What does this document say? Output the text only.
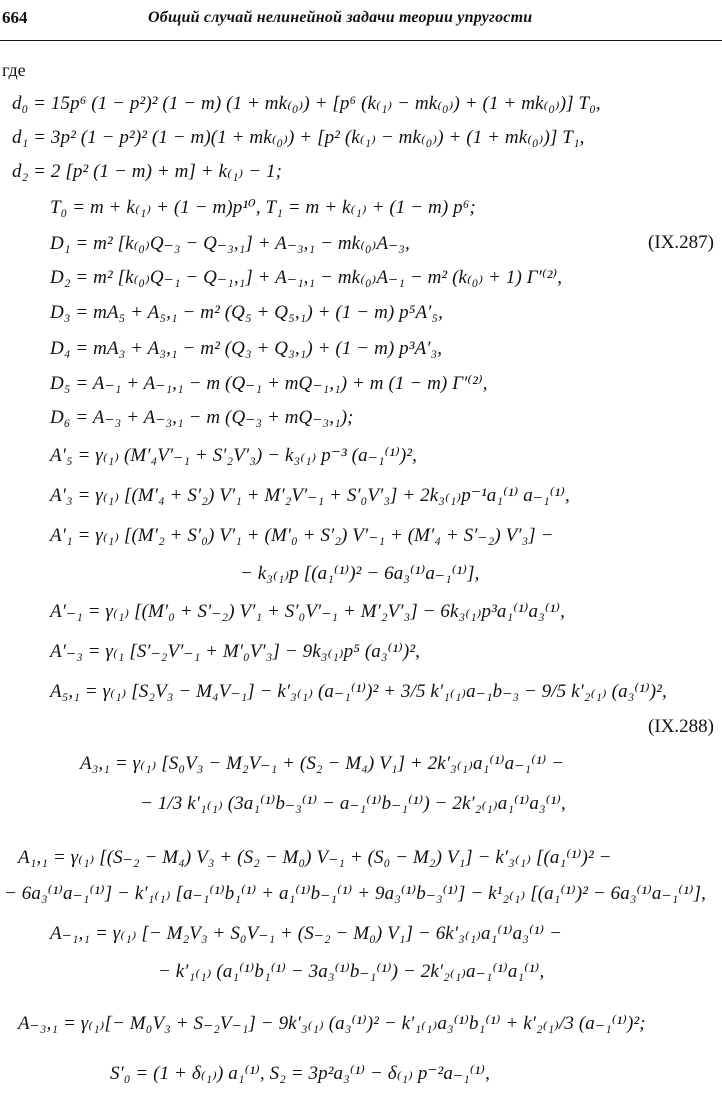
664	Общий случай нелинейной задачи теории упругости
где
d₀ = 15p⁶ (1 − p²)² (1 − m) (1 + mk₍₀₎) + [p⁶ (k₍₁₎ − mk₍₀₎) + (1 + mk₍₀₎)] T₀,
d₁ = 3p² (1 − p²)² (1 − m)(1 + mk₍₀₎) + [p² (k₍₁₎ − mk₍₀₎) + (1 + mk₍₀₎)] T₁,
d₂ = 2 [p² (1 − m) + m] + k₍₁₎ − 1;
T₀ = m + k₍₁₎ + (1 − m)p¹⁰, T₁ = m + k₍₁₎ + (1 − m) p⁶;
D₁ = m² [k₍₀₎Q₋₃ − Q₋₃,₁] + A₋₃,₁ − mk₍₀₎A₋₃,
D₂ = m² [k₍₀₎Q₋₁ − Q₋₁,₁] + A₋₁,₁ − mk₍₀₎A₋₁ − m² (k₍₀₎ + 1) Γ′⁽²⁾,
D₃ = mA₅ + A₅,₁ − m² (Q₅ + Q₅,₁) + (1 − m) p⁵A′₅,
D₄ = mA₃ + A₃,₁ − m² (Q₃ + Q₃,₁) + (1 − m) p³A′₃,
D₅ = A₋₁ + A₋₁,₁ − m (Q₋₁ + mQ₋₁,₁) + m (1 − m) Γ′⁽²⁾,
D₆ = A₋₃ + A₋₃,₁ − m (Q₋₃ + mQ₋₃,₁);
A′₅ = γ₍₁₎ (M′₄V′₋₁ + S′₂V′₃) − k₃₍₁₎ p⁻³ (a₋₁⁽¹⁾)²,
A′₃ = γ₍₁₎ [(M′₄ + S′₂) V′₁ + M′₂V′₋₁ + S′₀V′₃] + 2k₃₍₁₎p⁻¹a₁⁽¹⁾ a₋₁⁽¹⁾,
A′₁ = γ₍₁₎ [(M′₂ + S′₀) V′₁ + (M′₀ + S′₂) V′₋₁ + (M′₄ + S′₋₂) V′₃] −
− k₃₍₁₎p [(a₁⁽¹⁾)² − 6a₃⁽¹⁾a₋₁⁽¹⁾],
A′₋₁ = γ₍₁₎ [(M′₀ + S′₋₂) V′₁ + S′₀V′₋₁ + M′₂V′₃] − 6k₃₍₁₎p³a₁⁽¹⁾a₃⁽¹⁾,
A′₋₃ = γ₍₁ [S′₋₂V′₋₁ + M′₀V′₃] − 9k₃₍₁₎p⁵ (a₃⁽¹⁾)²,
A₅,₁ = γ₍₁₎ [S₂V₃ − M₄V₋₁] − k′₃₍₁₎ (a₋₁⁽¹⁾)² + 3/5 k′₁₍₁₎a₋₁b₋₃ − 9/5 k′₂₍₁₎ (a₃⁽¹⁾)²,
A₃,₁ = γ₍₁₎ [S₀V₃ − M₂V₋₁ + (S₂ − M₄) V₁] + 2k′₃₍₁₎a₁⁽¹⁾a₋₁⁽¹⁾ −
− 1/3 k′₁₍₁₎ (3a₁⁽¹⁾b₋₃⁽¹⁾ − a₋₁⁽¹⁾b₋₁⁽¹⁾) − 2k′₂₍₁₎a₁⁽¹⁾a₃⁽¹⁾,
A₁,₁ = γ₍₁₎ [(S₋₂ − M₄) V₃ + (S₂ − M₀) V₋₁ + (S₀ − M₂) V₁] − k′₃₍₁₎ [(a₁⁽¹⁾)² −
− 6a₃⁽¹⁾a₋₁⁽¹⁾] − k′₁₍₁₎ [a₋₁⁽¹⁾b₁⁽¹⁾ + a₁⁽¹⁾b₋₁⁽¹⁾ + 9a₃⁽¹⁾b₋₃⁽¹⁾] − k¹₂₍₁₎ [(a₁⁽¹⁾)² − 6a₃⁽¹⁾a₋₁⁽¹⁾],
A₋₁,₁ = γ₍₁₎ [− M₂V₃ + S₀V₋₁ + (S₋₂ − M₀) V₁] − 6k′₃₍₁₎a₁⁽¹⁾a₃⁽¹⁾ −
− k′₁₍₁₎ (a₁⁽¹⁾b₁⁽¹⁾ − 3a₃⁽¹⁾b₋₁⁽¹⁾) − 2k′₂₍₁₎a₋₁⁽¹⁾a₁⁽¹⁾,
A₋₃,₁ = γ₍₁₎[− M₀V₃ + S₋₂V₋₁] − 9k′₃₍₁₎ (a₃⁽¹⁾)² − k′₁₍₁₎a₃⁽¹⁾b₁⁽¹⁾ + k′₂₍₁₎/3 (a₋₁⁽¹⁾)²;
S′₀ = (1 + δ₍₁₎) a₁⁽¹⁾, S₂ = 3p²a₃⁽¹⁾ − δ₍₁₎ p⁻²a₋₁⁽¹⁾,
(IX.287)
(IX.288)
